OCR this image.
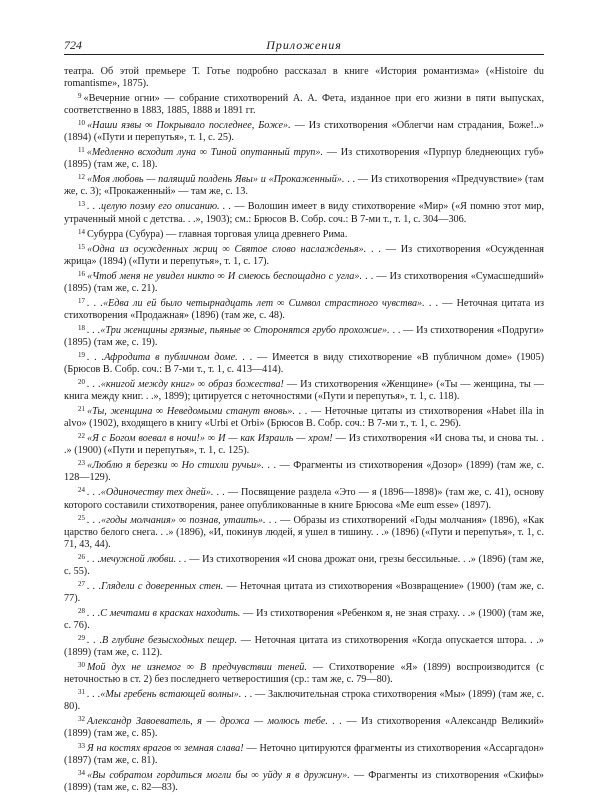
724	Приложения

театра. Об этой премьере Т. Готье подробно рассказал в книге «История романтизма» («Histoire du romantisme», 1875).

$^9$ «Вечерние огни» — собрание стихотворений А. А. Фета, изданное при его жизни в пяти выпусках, соответственно в 1883, 1885, 1888 и 1891 гг.

$^{10}$ «Наши язвы ∞ Покрывало последнее, Боже». — Из стихотворения «Облегчи нам страдания, Боже!..» (1894) («Пути и перепутья», т. 1, с. 25).

$^{11}$ «Медленно всходит луна ∞ Тиной опутанный труп». — Из стихотворения «Пурпур бледнеющих губ» (1895) (там же, с. 18).

$^{12}$ «Моя любовь — палящий полдень Явы» и «Прокаженный». . . — Из стихотворения «Предчувствие» (там же, с. 3); «Прокаженный» — там же, с. 13.

$^{13}$ . . .целую поэму его описанию. . . — Волошин имеет в виду стихотворение «Мир» («Я помню этот мир, утраченный мной с детства. . .», 1903); см.: Брюсов В. Собр. соч.: В 7-ми т., т. 1, с. 304—306.

$^{14}$ Субурра (Субура) — главная торговая улица древнего Рима.

$^{15}$ «Одна из осужденных жриц ∞ Святое слово наслажденья». . . — Из стихотворения «Осужденная жрица» (1894) («Пути и перепутья», т. 1, с. 17).

$^{16}$ «Чтоб меня не увидел никто ∞ И смеюсь беспощадно с угла». . . — Из стихотворения «Сумасшедший» (1895) (там же, с. 21).

$^{17}$ . . .«Едва ли ей было четырнадцать лет ∞ Символ страстного чувства». . . — Неточная цитата из стихотворения «Продажная» (1896) (там же, с. 48).

$^{18}$ . . .«Три женщины грязные, пьяные ∞ Сторонятся грубо прохожие». . . — Из стихотворения «Подруги» (1895) (там же, с. 19).

$^{19}$ . . .Афродита в публичном доме. . . — Имеется в виду стихотворение «В публичном доме» (1905) (Брюсов В. Собр. соч.: В 7-ми т., т. 1, с. 413—414).

$^{20}$ . . .«книгой между книг» ∞ образ божества! — Из стихотворения «Женщине» («Ты — женщина, ты — книга между книг. . .», 1899); цитируется с неточностями («Пути и перепутья», т. 1, с. 118).

$^{21}$ «Ты, женщина ∞ Неведомыми станут вновь». . . — Неточные цитаты из стихотворения «Habet illa in alvo» (1902), входящего в книгу «Urbi et Orbi» (Брюсов В. Собр. соч.: В 7-ми т., т. 1, с. 296).

$^{22}$ «Я с Богом воевал в ночи!» ∞ И — как Израиль — хром! — Из стихотворения «И снова ты, и снова ты. . .» (1900) («Пути и перепутья», т. 1, с. 125).

$^{23}$ «Люблю я березки ∞ Но стихли ручьи». . . — Фрагменты из стихотворения «Дозор» (1899) (там же, с. 128—129).

$^{24}$ . . .«Одиночеству тех дней». . . — Посвящение раздела «Это — я (1896—1898)» (там же, с. 41), основу которого составили стихотворения, ранее опубликованные в книге Брюсова «Me eum esse» (1897).

$^{25}$ . . .«годы молчания» ∞ познав, утаить». . . — Образы из стихотворений «Годы молчания» (1896), «Как царство белого снега. . .» (1896), «И, покинув людей, я ушел в тишину. . .» (1896) («Пути и перепутья», т. 1, с. 71, 43, 44).

$^{26}$ . . .мечужной любви. . . — Из стихотворения «И снова дрожат они, грезы бессильные. . .» (1896) (там же, с. 55).

$^{27}$ . . .Глядели с доверенных стен. — Неточная цитата из стихотворения «Возвращение» (1900) (там же, с. 77).

$^{28}$ . . .С мечтами в красках находить. — Из стихотворения «Ребенком я, не зная страху. . .» (1900) (там же, с. 76).

$^{29}$ . . .В глубине безысходных пещер. — Неточная цитата из стихотворения «Когда опускается штора. . .» (1899) (там же, с. 112).

$^{30}$ Мой дух не изнемог ∞ В предчувствии теней. — Стихотворение «Я» (1899) воспроизводится (с неточностью в ст. 2) без последнего четверостишия (ср.: там же, с. 79—80).

$^{31}$ . . .«Мы гребень встающей волны». . . — Заключительная строка стихотворения «Мы» (1899) (там же, с. 80).

$^{32}$ Александр Завоеватель, я — дрожа — молюсь тебе. . . — Из стихотворения «Александр Великий» (1899) (там же, с. 85).

$^{33}$ Я на костях врагов ∞ земная слава! — Неточно цитируются фрагменты из стихотворения «Ассаргадон» (1897) (там же, с. 81).

$^{34}$ «Вы собратом гордиться могли бы ∞ уйду я в дружину». — Фрагменты из стихотворения «Скифы» (1899) (там же, с. 82—83).
